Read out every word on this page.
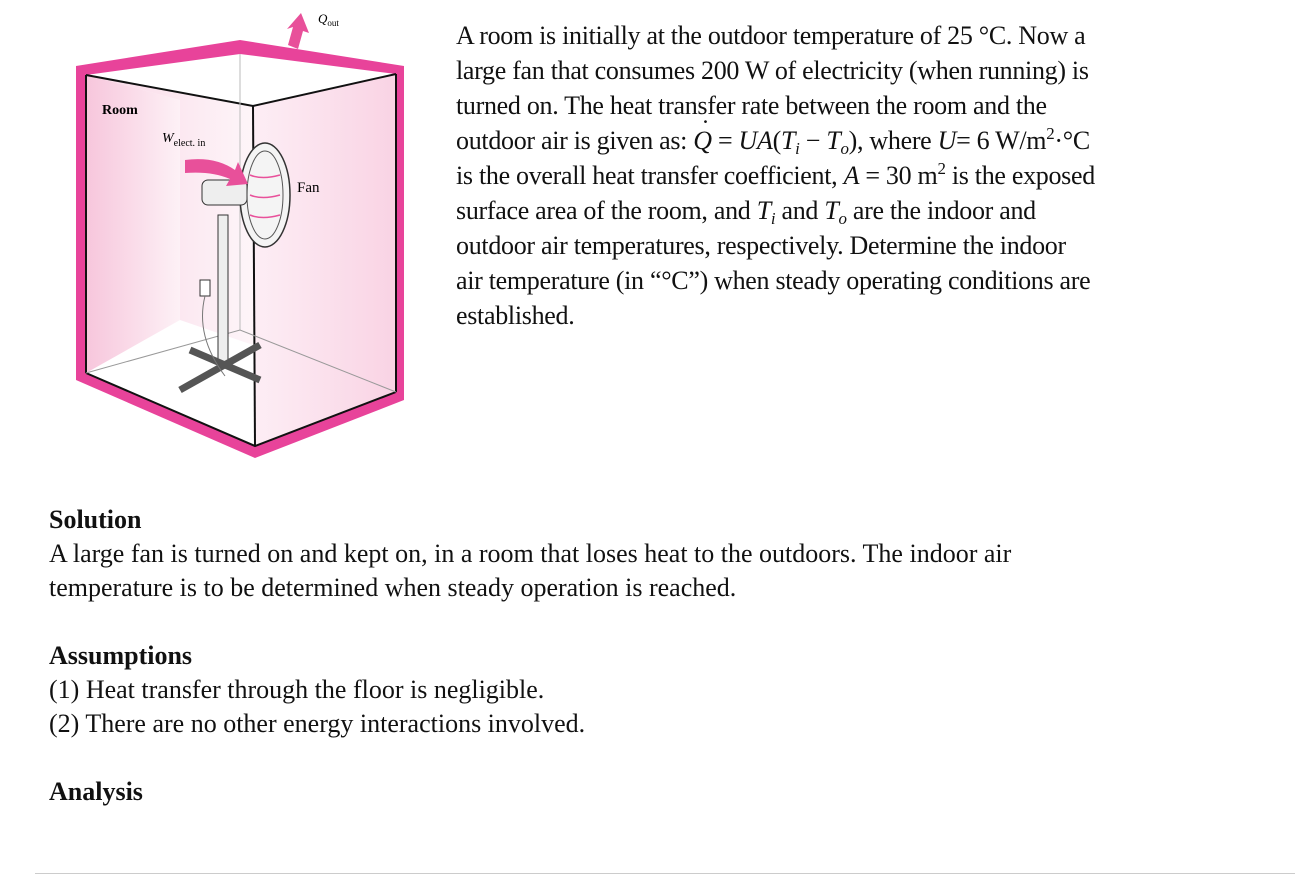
Room
Fan
$W_{elect. in}$
$Q_{out}$	A room is initially at the outdoor temperature of 25 °C. Now a
large fan that consumes 200 W of electricity (when running) is
turned on. The heat transfer rate between the room and the
outdoor air is given as: ˙ $Q = UA(T_i - T_o)$, where U= 6 $W/m^2\cdot^\circ C$
is the overall heat transfer coefficient, A = 30 $m^2$ is the exposed
surface area of the room, and $T_i$ and $T_o$ are the indoor and
outdoor air temperatures, respectively. Determine the indoor
air temperature (in “°C”) when steady operating conditions are
established.
Solution
A large fan is turned on and kept on, in a room that loses heat to the outdoors. The indoor air
temperature is to be determined when steady operation is reached.
Assumptions
(1) Heat transfer through the floor is negligible.
(2) There are no other energy interactions involved.
Analysis
